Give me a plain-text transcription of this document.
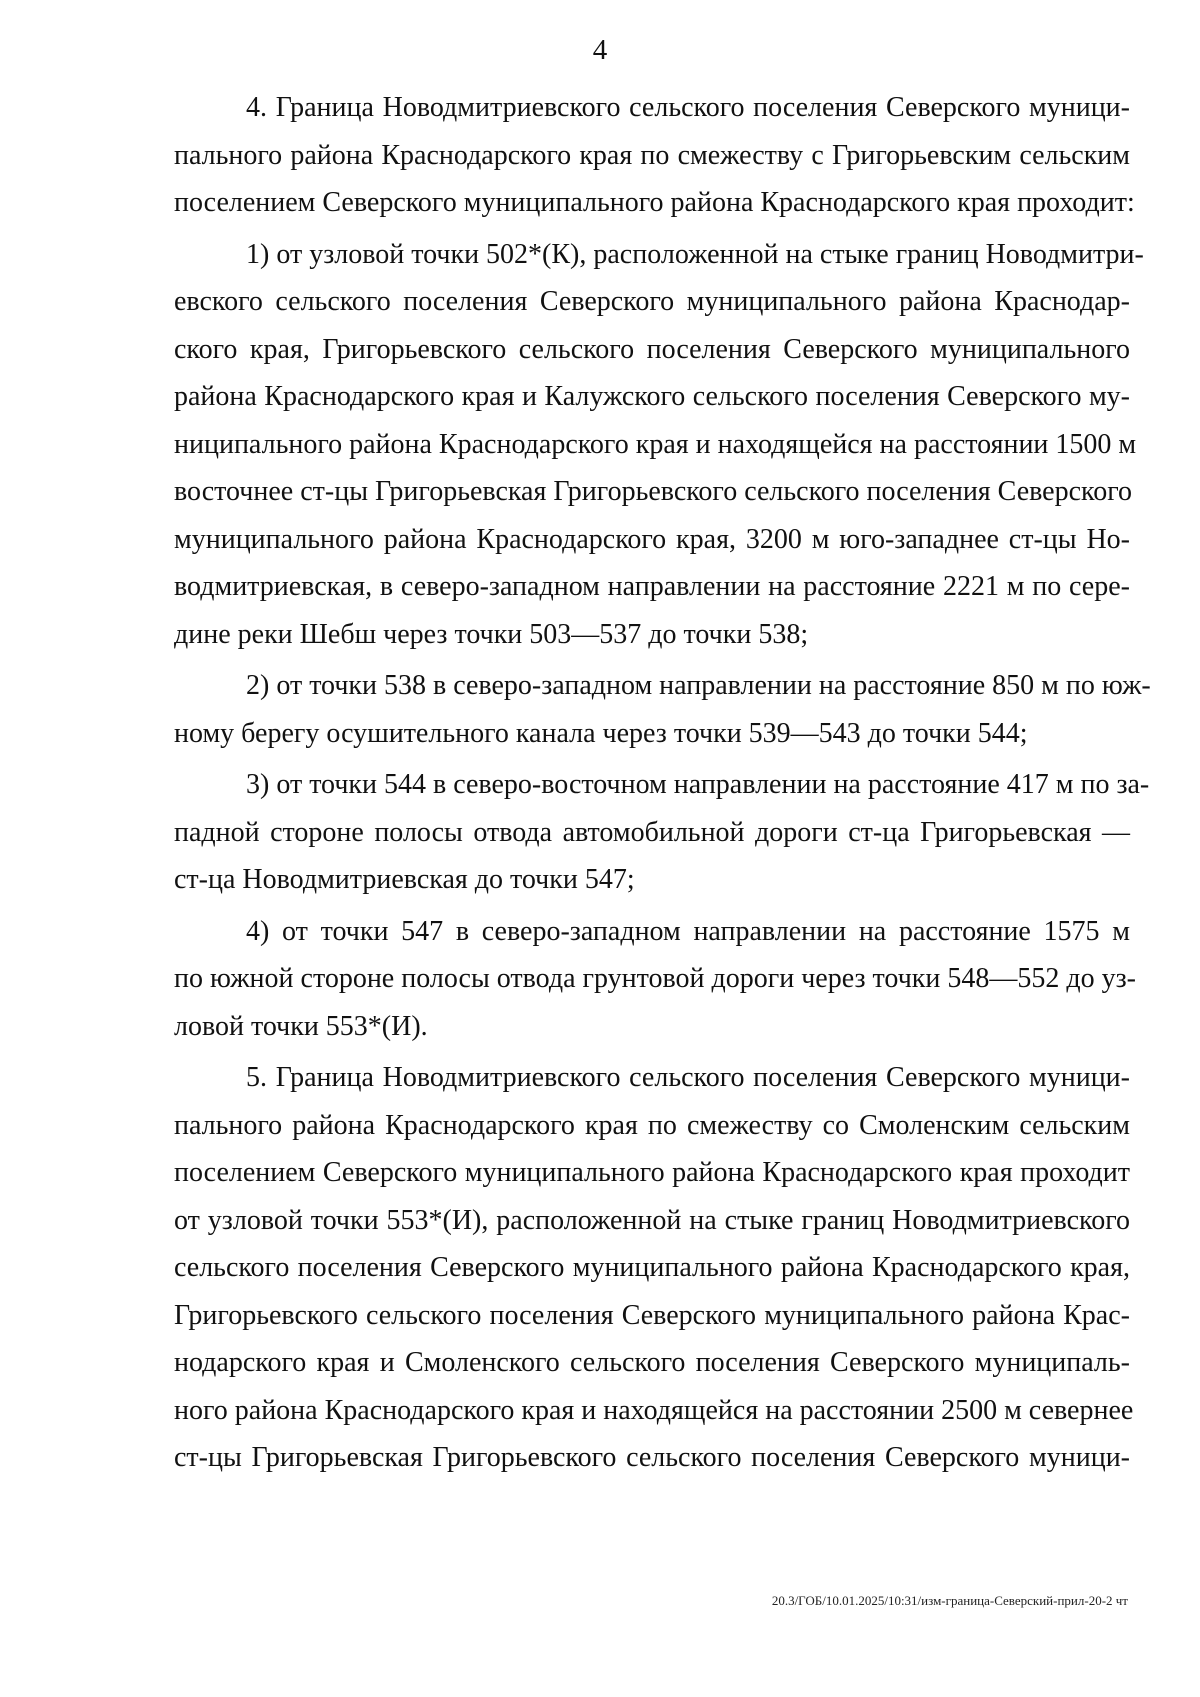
4
4. Граница Новодмитриевского сельского поселения Северского муници-
пального района Краснодарского края по смежеству с Григорьевским сельским
поселением Северского муниципального района Краснодарского края проходит:
1) от узловой точки 502*(К), расположенной на стыке границ Новодмитри-
евского сельского поселения Северского муниципального района Краснодар-
ского края, Григорьевского сельского поселения Северского муниципального
района Краснодарского края и Калужского сельского поселения Северского му-
ниципального района Краснодарского края и находящейся на расстоянии 1500 м
восточнее ст-цы Григорьевская Григорьевского сельского поселения Северского
муниципального района Краснодарского края, 3200 м юго-западнее ст-цы Но-
водмитриевская, в северо-западном направлении на расстояние 2221 м по сере-
дине реки Шебш через точки 503—537 до точки 538;
2) от точки 538 в северо-западном направлении на расстояние 850 м по юж-
ному берегу осушительного канала через точки 539—543 до точки 544;
3) от точки 544 в северо-восточном направлении на расстояние 417 м по за-
падной стороне полосы отвода автомобильной дороги ст-ца Григорьевская —
ст-ца Новодмитриевская до точки 547;
4) от точки 547 в северо-западном направлении на расстояние 1575 м
по южной стороне полосы отвода грунтовой дороги через точки 548—552 до уз-
ловой точки 553*(И).
5. Граница Новодмитриевского сельского поселения Северского муници-
пального района Краснодарского края по смежеству со Смоленским сельским
поселением Северского муниципального района Краснодарского края проходит
от узловой точки 553*(И), расположенной на стыке границ Новодмитриевского
сельского поселения Северского муниципального района Краснодарского края,
Григорьевского сельского поселения Северского муниципального района Крас-
нодарского края и Смоленского сельского поселения Северского муниципаль-
ного района Краснодарского края и находящейся на расстоянии 2500 м севернее
ст-цы Григорьевская Григорьевского сельского поселения Северского муници-
20.3/ГОБ/10.01.2025/10:31/изм-граница-Северский-прил-20-2 чт
